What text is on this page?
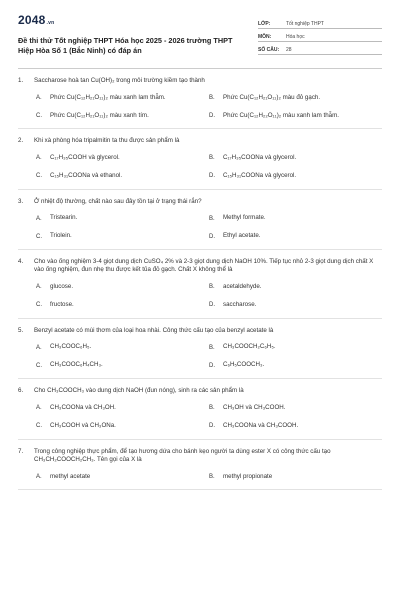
2048.vn
Đề thi thử Tốt nghiệp THPT Hóa học 2025 - 2026 trường THPT Hiệp Hòa Số 1 (Bắc Ninh) có đáp án
LỚP:	Tốt nghiệp THPT
MÔN:	Hóa học
SỐ CÂU:	28
1.	Saccharose hoà tan Cu(OH)₂ trong môi trường kiềm tạo thành
A.	Phức Cu(C₁₂H₂₁O₁₁)₂ màu xanh lam thẫm.	B.	Phức Cu(C₁₂H₂₁O₁₁)₂ màu đỏ gạch.
C.	Phức Cu(C₁₂H₂₁O₁₁)₂ màu xanh tím.	D.	Phức Cu(C₁₂H₂₂O₁₁)₂ màu xanh lam thẫm.
2.	Khi xà phòng hóa tripalmitin ta thu được sản phẩm là
A.	C₁₇H₃₅COOH và glycerol.	B.	C₁₇H₃₅COONa và glycerol.
C.	C₁₅H₃₁COONa và ethanol.	D.	C₁₅H₃₁COONa và glycerol.
3.	Ở nhiệt độ thường, chất nào sau đây tồn tại ở trạng thái rắn?
A.	Tristearin.	B.	Methyl formate.
C.	Triolein.	D.	Ethyl acetate.
4.	Cho vào ống nghiệm 3-4 giọt dung dịch CuSO₄ 2% và 2-3 giọt dung dịch NaOH 10%. Tiếp tục nhỏ 2-3 giọt dung dịch chất X vào ống nghiệm, đun nhẹ thu được kết tủa đỏ gạch. Chất X không thể là
A.	glucose.	B.	acetaldehyde.
C.	fructose.	D.	saccharose.
5.	Benzyl acetate có mùi thơm của loại hoa nhài. Công thức cấu tạo của benzyl acetate là
A.	CH₃COOC₆H₅.	B.	CH₃COOCH₂C₆H₅.
C.	CH₃COOC₆H₄CH₃.	D.	C₆H₅COOCH₃.
6.	Cho CH₃COOCH₃ vào dung dịch NaOH (đun nóng), sinh ra các sản phẩm là
A.	CH₃COONa và CH₃OH.	B.	CH₃OH và CH₃COOH.
C.	CH₃COOH và CH₃ONa.	D.	CH₃COONa và CH₃COOH.
7.	Trong công nghiệp thực phẩm, để tạo hương dứa cho bánh kẹo người ta dùng ester X có công thức cấu tạo CH₃CH₂COOCH₂CH₃. Tên gọi của X là
A.	methyl acetate	B.	methyl propionate
